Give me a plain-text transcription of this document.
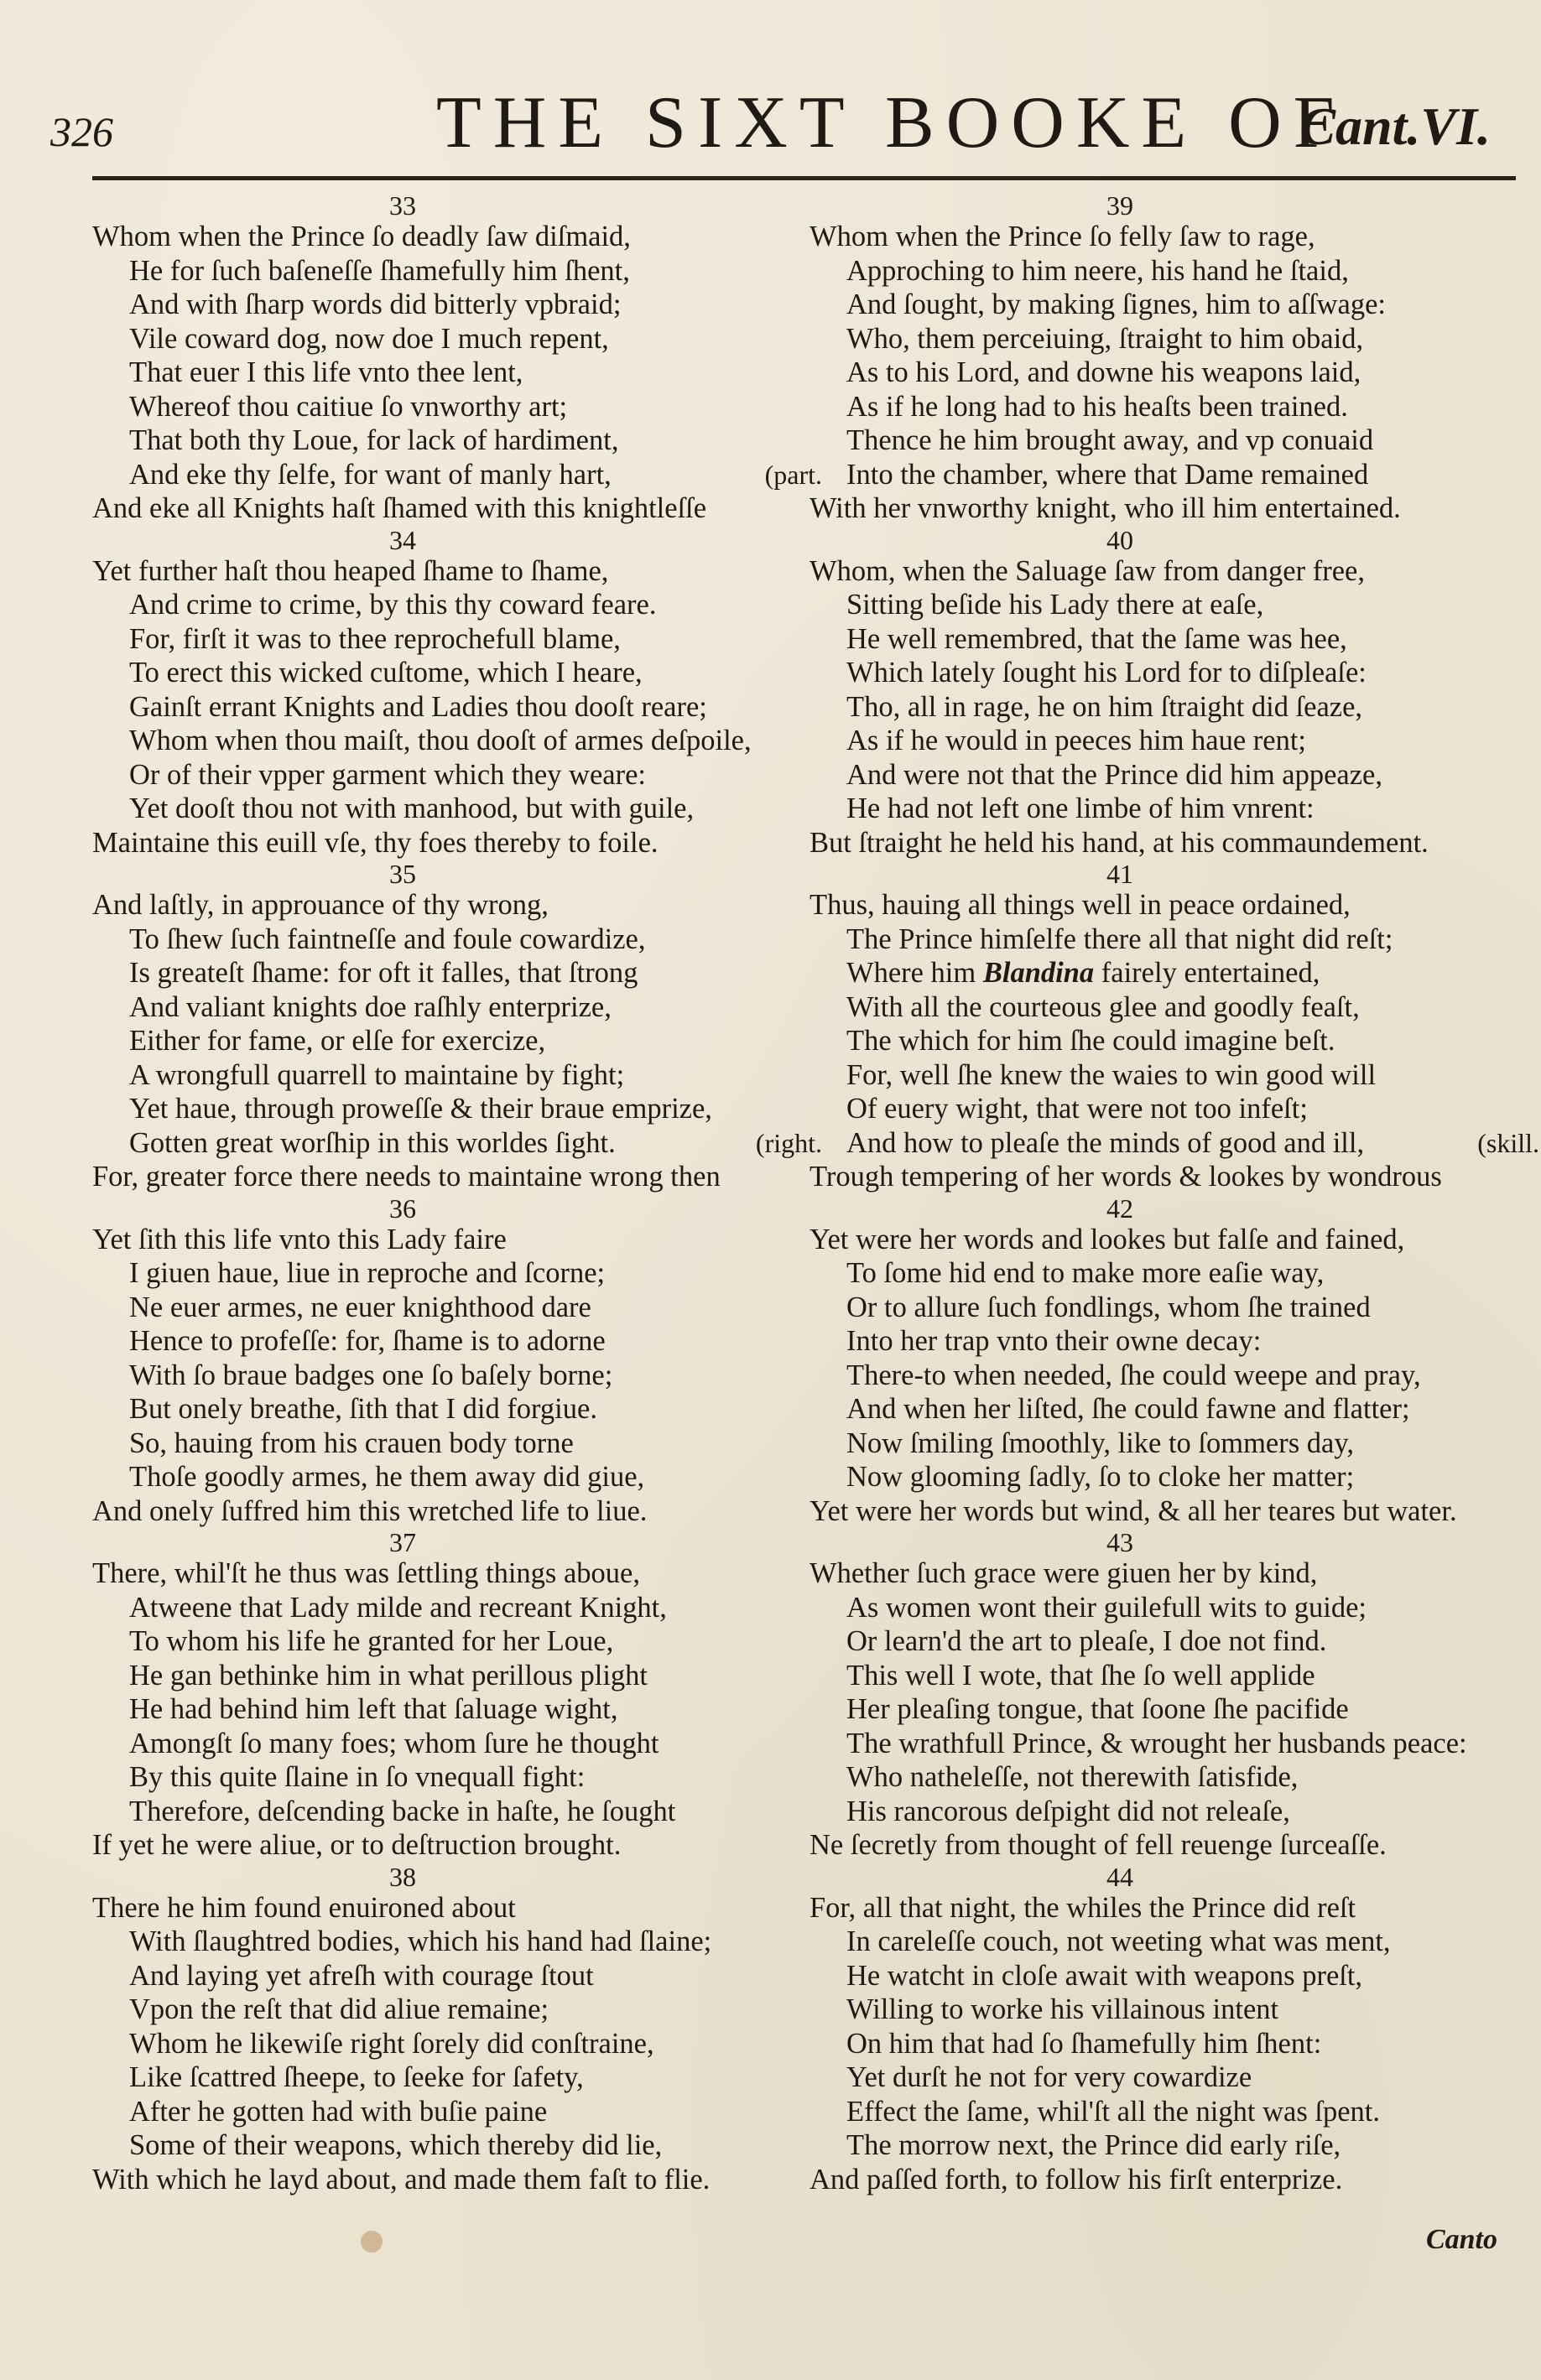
326	THE SIXT BOOKE OF
Cant.VI.
33
Whom when the Prince ſo deadly ſaw diſmaid,
He for ſuch baſeneſſe ſhamefully him ſhent,
And with ſharp words did bitterly vpbraid;
Vile coward dog, now doe I much repent,
That euer I this life vnto thee lent,
Whereof thou caitiue ſo vnworthy art;
That both thy Loue, for lack of hardiment,
And eke thy ſelfe, for want of manly hart,
And eke all Knights haſt ſhamed with this knightleſſe
(part.
34
Yet further haſt thou heaped ſhame to ſhame,
And crime to crime, by this thy coward feare.
For, firſt it was to thee reprochefull blame,
To erect this wicked cuſtome, which I heare,
Gainſt errant Knights and Ladies thou dooſt reare;
Whom when thou maiſt, thou dooſt of armes deſpoile,
Or of their vpper garment which they weare:
Yet dooſt thou not with manhood, but with guile,
Maintaine this euill vſe, thy foes thereby to foile.
35
And laſtly, in approuance of thy wrong,
To ſhew ſuch faintneſſe and foule cowardize,
Is greateſt ſhame: for oft it falles, that ſtrong
And valiant knights doe raſhly enterprize,
Either for fame, or elſe for exercize,
A wrongfull quarrell to maintaine by fight;
Yet haue, through proweſſe & their braue emprize,
Gotten great worſhip in this worldes ſight.
For, greater force there needs to maintaine wrong then
(right.
36
Yet ſith this life vnto this Lady faire
I giuen haue, liue in reproche and ſcorne;
Ne euer armes, ne euer knighthood dare
Hence to profeſſe: for, ſhame is to adorne
With ſo braue badges one ſo baſely borne;
But onely breathe, ſith that I did forgiue.
So, hauing from his crauen body torne
Thoſe goodly armes, he them away did giue,
And onely ſuffred him this wretched life to liue.
37
There, whil'ſt he thus was ſettling things aboue,
Atweene that Lady milde and recreant Knight,
To whom his life he granted for her Loue,
He gan bethinke him in what perillous plight
He had behind him left that ſaluage wight,
Amongſt ſo many foes; whom ſure he thought
By this quite ſlaine in ſo vnequall fight:
Therefore, deſcending backe in haſte, he ſought
If yet he were aliue, or to deſtruction brought.
38
There he him found enuironed about
With ſlaughtred bodies, which his hand had ſlaine;
And laying yet afreſh with courage ſtout
Vpon the reſt that did aliue remaine;
Whom he likewiſe right ſorely did conſtraine,
Like ſcattred ſheepe, to ſeeke for ſafety,
After he gotten had with buſie paine
Some of their weapons, which thereby did lie,
With which he layd about, and made them faſt to flie.
39
Whom when the Prince ſo felly ſaw to rage,
Approching to him neere, his hand he ſtaid,
And ſought, by making ſignes, him to aſſwage:
Who, them perceiuing, ſtraight to him obaid,
As to his Lord, and downe his weapons laid,
As if he long had to his heaſts been trained.
Thence he him brought away, and vp conuaid
Into the chamber, where that Dame remained
With her vnworthy knight, who ill him entertained.
40
Whom, when the Saluage ſaw from danger free,
Sitting beſide his Lady there at eaſe,
He well remembred, that the ſame was hee,
Which lately ſought his Lord for to diſpleaſe:
Tho, all in rage, he on him ſtraight did ſeaze,
As if he would in peeces him haue rent;
And were not that the Prince did him appeaze,
He had not left one limbe of him vnrent:
But ſtraight he held his hand, at his commaundement.
41
Thus, hauing all things well in peace ordained,
The Prince himſelfe there all that night did reſt;
Where him Blandina fairely entertained,
With all the courteous glee and goodly feaſt,
The which for him ſhe could imagine beſt.
For, well ſhe knew the waies to win good will
Of euery wight, that were not too infeſt;
And how to pleaſe the minds of good and ill,
Trough tempering of her words & lookes by wondrous
(skill.
42
Yet were her words and lookes but falſe and fained,
To ſome hid end to make more eaſie way,
Or to allure ſuch fondlings, whom ſhe trained
Into her trap vnto their owne decay:
There-to when needed, ſhe could weepe and pray,
And when her liſted, ſhe could fawne and flatter;
Now ſmiling ſmoothly, like to ſommers day,
Now glooming ſadly, ſo to cloke her matter;
Yet were her words but wind, & all her teares but water.
43
Whether ſuch grace were giuen her by kind,
As women wont their guilefull wits to guide;
Or learn'd the art to pleaſe, I doe not find.
This well I wote, that ſhe ſo well applide
Her pleaſing tongue, that ſoone ſhe pacifide
The wrathfull Prince, & wrought her husbands peace:
Who natheleſſe, not therewith ſatisfide,
His rancorous deſpight did not releaſe,
Ne ſecretly from thought of fell reuenge ſurceaſſe.
44
For, all that night, the whiles the Prince did reſt
In careleſſe couch, not weeting what was ment,
He watcht in cloſe await with weapons preſt,
Willing to worke his villainous intent
On him that had ſo ſhamefully him ſhent:
Yet durſt he not for very cowardize
Effect the ſame, whil'ſt all the night was ſpent.
The morrow next, the Prince did early riſe,
And paſſed forth, to follow his firſt enterprize.
Canto
